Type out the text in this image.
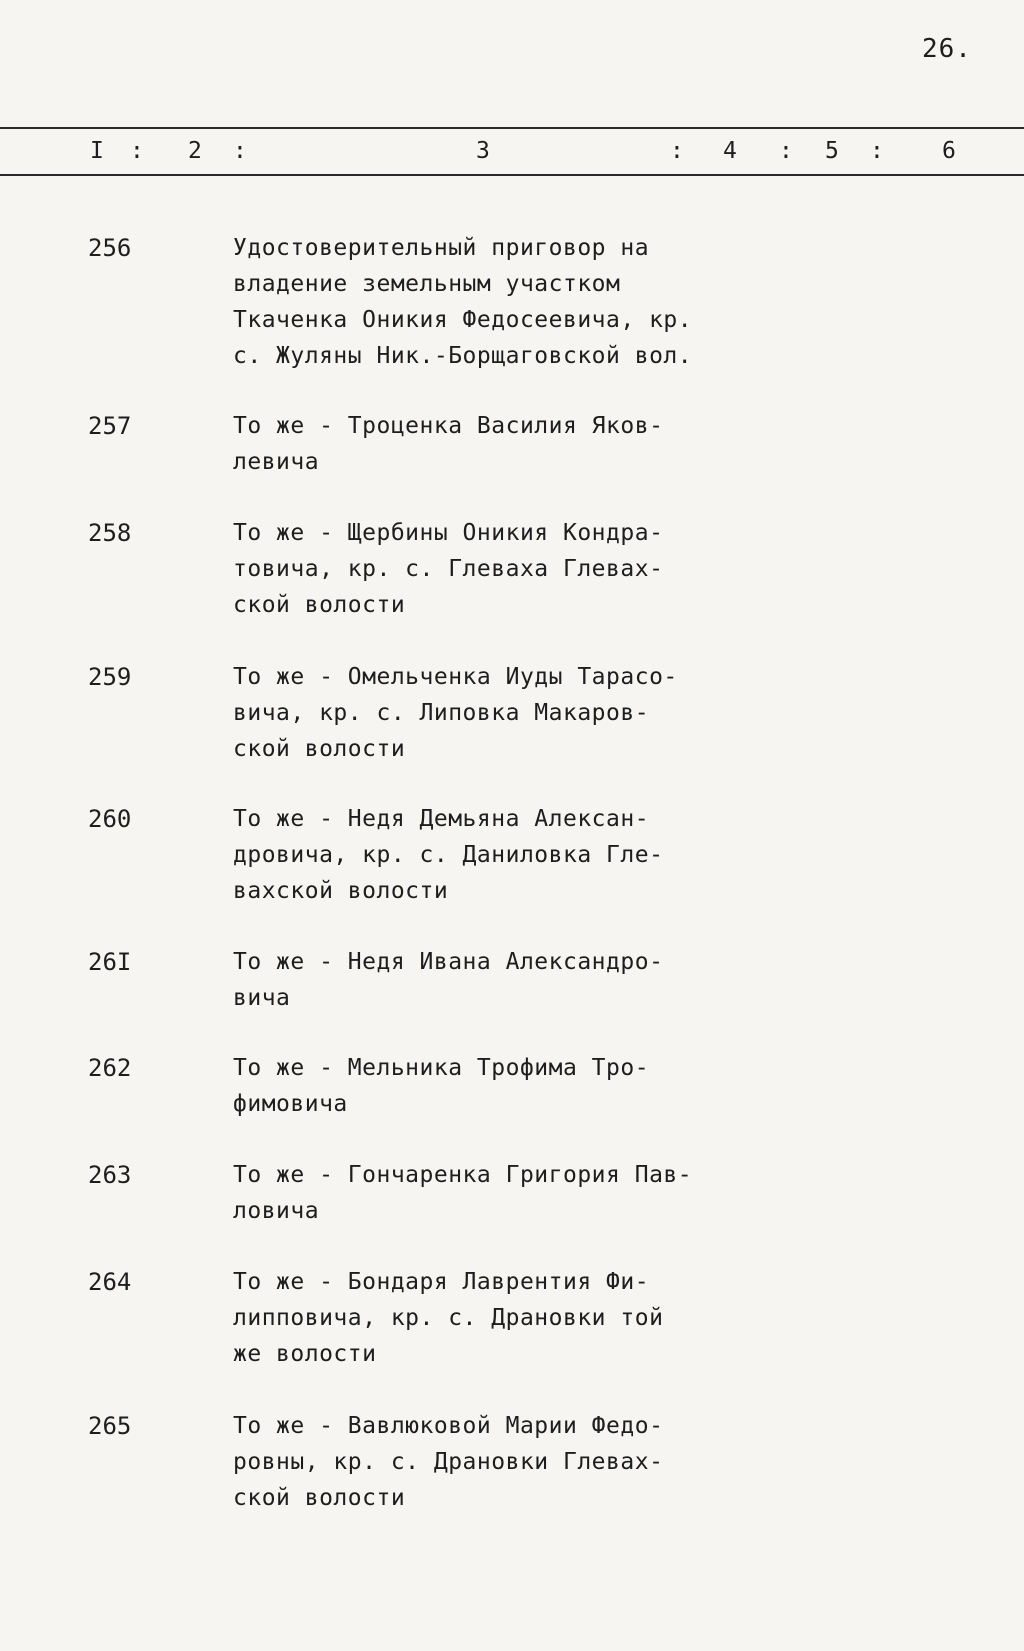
26.
I : 2 :	3	: 4 : 5 :	6
256	Удостоверительный приговор на
владение земельным участком
Ткаченка Оникия Федосеевича, кр.
с. Жуляны Ник.-Борщаговской вол.
257	То же - Троценка Василия Яков-
левича
258	То же - Щербины Оникия Кондра-
товича, кр. с. Глеваха Глевах-
ской волости
259	То же - Омельченка Иуды Тарасо-
вича, кр. с. Липовка Макаров-
ской волости
260	То же - Недя Демьяна Алексан-
дровича, кр. с. Даниловка Гле-
вахской волости
26I	То же - Недя Ивана Александро-
вича
262	То же - Мельника Трофима Тро-
фимовича
263	То же - Гончаренка Григория Пав-
ловича
264	То же - Бондаря Лаврентия Фи-
липповича, кр. с. Драновки той
же волости
265	То же - Вавлюковой Марии Федо-
ровны, кр. с. Драновки Глевах-
ской волости
